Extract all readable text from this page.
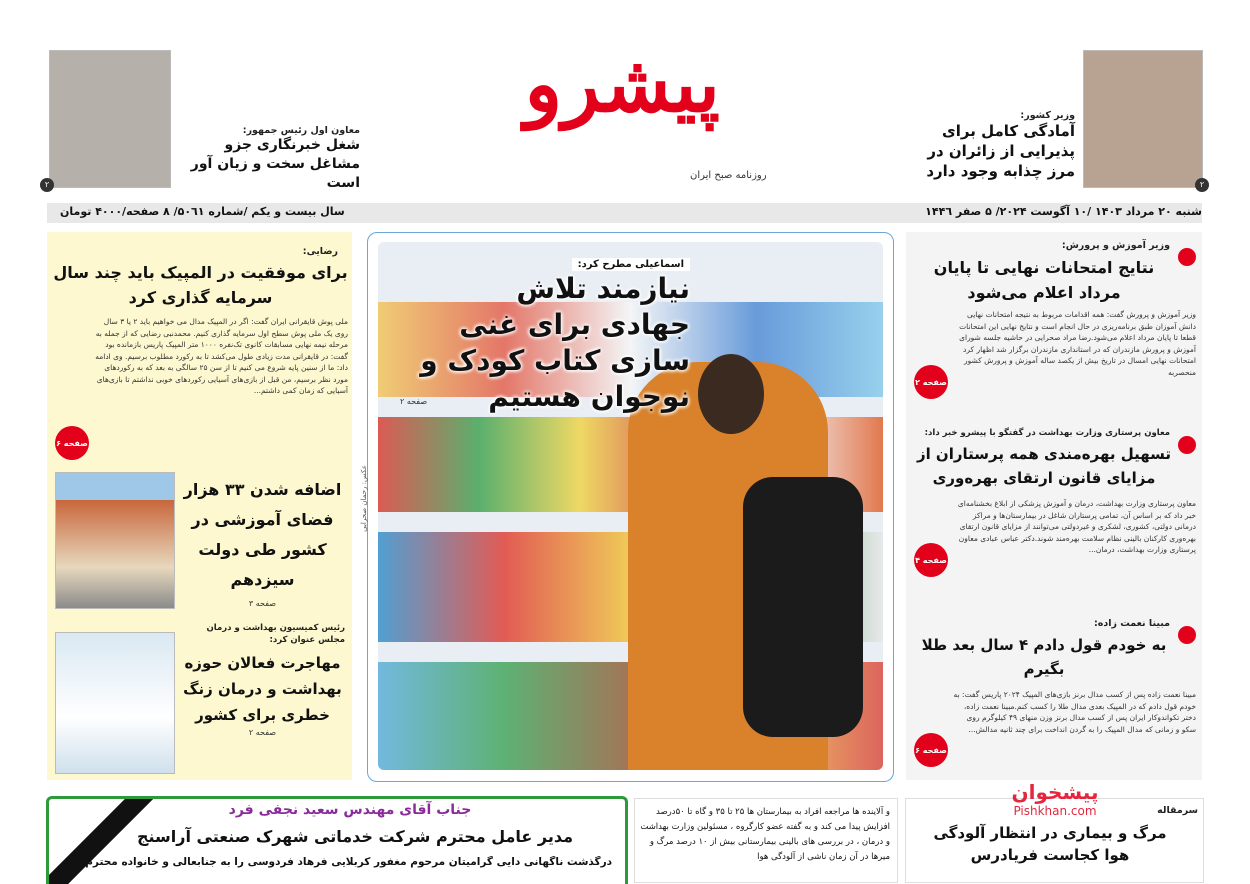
۲
وزیر کشور:
آمادگی کامل برای پذیرایی از زائران در مرز چذابه وجود دارد
پیشرو
روزنامه صبح ایران
۲
معاون اول رئیس جمهور:
شغل خبرنگاری جزو مشاغل سخت و زیان آور است
شنبه ۲۰ مرداد ۱۴۰۳ /۱۰ آگوست ۲۰۲۴/ ۵ صفر ۱۴۴٦
سال بیست و یکم /شماره ۵۰٦۱/ ۸ صفحه/۴۰۰۰ تومان
وزیر آموزش و پرورش:
نتایج امتحانات نهایی تا پایان مرداد اعلام می‌شود
وزیر آموزش و پرورش گفت: همه اقدامات مربوط به نتیجه امتحانات نهایی دانش آموزان طبق برنامه‌ریزی در حال انجام است و نتایج نهایی این امتحانات قطعا تا پایان مرداد اعلام می‌شود.رضا مراد صحرایی در حاشیه جلسه شورای آموزش و پرورش مازندران که در استانداری مازندران برگزار شد اظهار کرد امتحانات نهایی امسال در تاریخ بیش از یکصد ساله آموزش و پرورش کشور منحصربه
صفحه ۲
معاون پرستاری وزارت بهداشت در گفتگو با پیشرو خبر داد:
تسهیل بهره‌مندی همه پرستاران از مزایای قانون ارتقای بهره‌وری
معاون پرستاری وزارت بهداشت، درمان و آموزش پزشکی از ابلاغ بخشنامه‌ای خبر داد که بر اساس آن، تمامی پرستاران شاغل در بیمارستان‌ها و مراکز درمانی دولتی، کشوری، لشکری و غیردولتی می‌توانند از مزایای قانون ارتقای بهره‌وری کارکنان بالینی نظام سلامت بهره‌مند شوند.دکتر عباس عبادی معاون پرستاری وزارت بهداشت، درمان...
صفحه ۴
مبینا نعمت زاده:
به خودم قول دادم ۴ سال بعد طلا بگیرم
مبینا نعمت زاده پس از کسب مدال برنز بازی‌های المپیک ۲۰۲۴ پاریس گفت: به خودم قول دادم که در المپیک بعدی مدال طلا را کسب کنم.مبینا نعمت زاده، دختر تکواندوکار ایران پس از کسب مدال برنز وزن منهای ۴۹ کیلوگرم روی سکو و زمانی که مدال المپیک را به گردن انداخت برای چند ثانیه مدالش...
صفحه ۶
اسماعیلی مطرح کرد:
نیازمند تلاش جهادی برای غنی سازی کتاب کودک و نوجوان هستیم
صفحه ۲
عکس: رحمان صحرایی
رضایی:
برای موفقیت در المپیک باید چند سال سرمایه گذاری کرد
ملی پوش قایقرانی ایران گفت: اگر در المپیک مدال می خواهیم باید ۲ یا ۳ سال روی یک ملی پوش سطح اول سرمایه گذاری کنیم. محمدنبی رضایی که از جمله به مرحله نیمه نهایی مسابقات کانوی تک‌نفره ۱۰۰۰ متر المپیک پاریس بازمانده بود گفت: در قایقرانی مدت زیادی طول می‌کشد تا به رکورد مطلوب برسیم. وی ادامه داد: ما از سنین پایه شروع می کنیم تا از سن ۲۵ سالگی به بعد که به رکوردهای مورد نظر برسیم، من قبل از بازی‌های آسیایی رکوردهای خوبی نداشتم تا بازی‌های آسیایی که زمان کمی داشتم...
صفحه ۶
اضافه شدن ۳۳ هزار فضای آموزشی در کشور طی دولت سیزدهم
صفحه ۳
رئیس کمیسیون بهداشت و درمان مجلس عنوان کرد:
مهاجرت فعالان حوزه بهداشت و درمان زنگ خطری برای کشور
صفحه ۲
سرمقاله
مرگ و بیماری در انتظار آلودگی هوا کجاست فریادرس
و آلاینده ها مراجعه افراد به بیمارستان ها ۲۵ تا ۳۵ و گاه تا ۵۰درصد افزایش پیدا می کند و به گفته عضو کارگروه ، مسئولین وزارت بهداشت و درمان ، در بررسی های بالینی بیمارستانی بیش از ۱۰ درصد مرگ و میرها در آن زمان ناشی از آلودگی هوا
پیشخوان
Pishkhan.com
جناب آقای مهندس سعید نجفی فرد
مدیر عامل محترم شرکت خدماتی شهرک صنعتی آراسنج
درگذشت ناگهانی دایی گرامیتان مرحوم مغفور کربلایی فرهاد فردوسی را به جنابعالی و خانواده محترم
